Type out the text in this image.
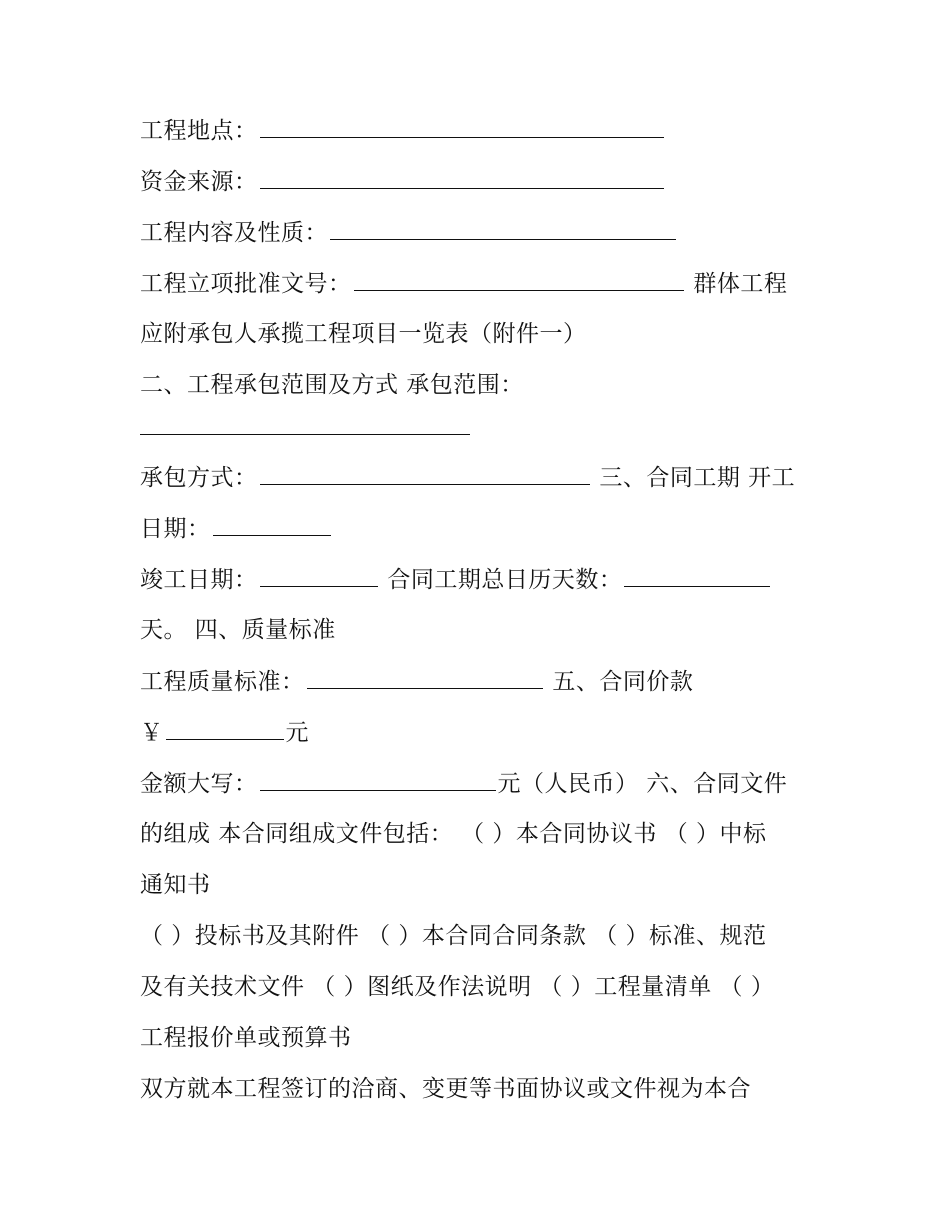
工程地点：
资金来源：
工程内容及性质：
工程立项批准文号：	群体工程
应附承包人承揽工程项目一览表（附件一）
二、工程承包范围及方式 承包范围：
承包方式：	三、合同工期 开工
日期：
竣工日期：	合同工期总日历天数：
天。 四、质量标准
工程质量标准：	五、合同价款
￥	元
金额大写：	元（人民币） 六、合同文件
的组成 本合同组成文件包括： （ ）本合同协议书 （ ）中标
通知书
（ ）投标书及其附件 （ ）本合同合同条款 （ ）标准、规范
及有关技术文件 （ ）图纸及作法说明 （ ）工程量清单 （ ）
工程报价单或预算书
双方就本工程签订的洽商、变更等书面协议或文件视为本合
